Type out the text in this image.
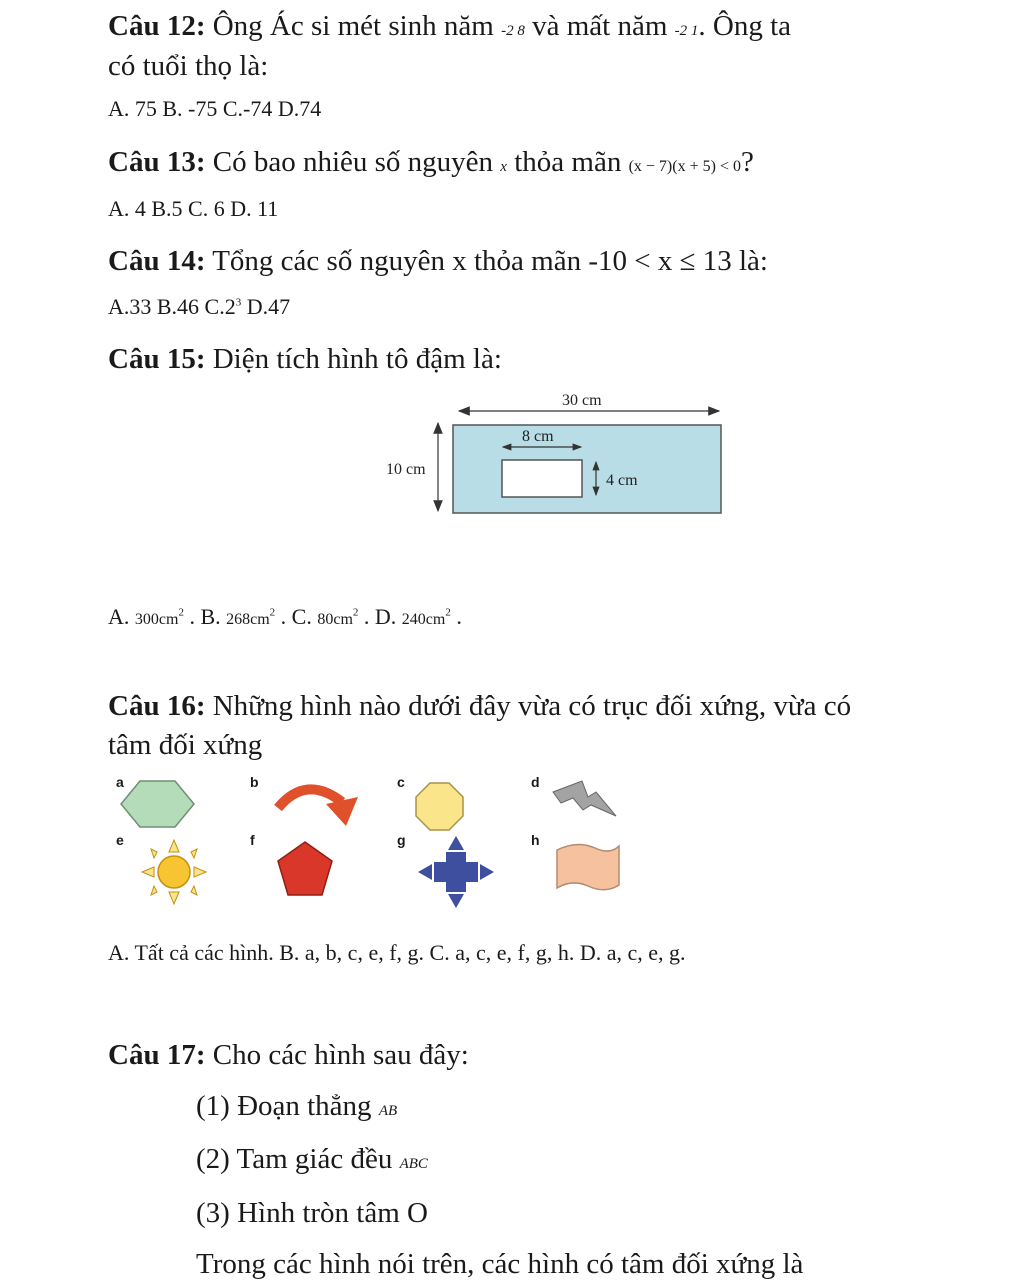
Câu 12: Ông Ác si mét sinh năm -2 8 và mất năm -2 1. Ông ta
có tuổi thọ là:
A. 75 B. -75 C.-74 D.74
Câu 13: Có bao nhiêu số nguyên x thỏa mãn (x − 7)(x + 5) < 0?
A. 4 B.5 C. 6 D. 11
Câu 14: Tổng các số nguyên x thỏa mãn -10 < x ≤ 13 là:
A.33 B.46 $C.2^3$ D.47
Câu 15: Diện tích hình tô đậm là:
30 cm
10 cm
8 cm
4 cm
A. $300cm^2$ . B. $268cm^2$ . C. $80cm^2$ . D. $240cm^2$ .
Câu 16: Những hình nào dưới đây vừa có trục đối xứng, vừa có
tâm đối xứng
a	b	c	d
e	f	g	h
A. Tất cả các hình. B. a, b, c, e, f, g. C. a, c, e, f, g, h. D. a, c, e, g.
Câu 17: Cho các hình sau đây:
(1) Đoạn thẳng AB
(2) Tam giác đều ABC
(3) Hình tròn tâm O
Trong các hình nói trên, các hình có tâm đối xứng là
